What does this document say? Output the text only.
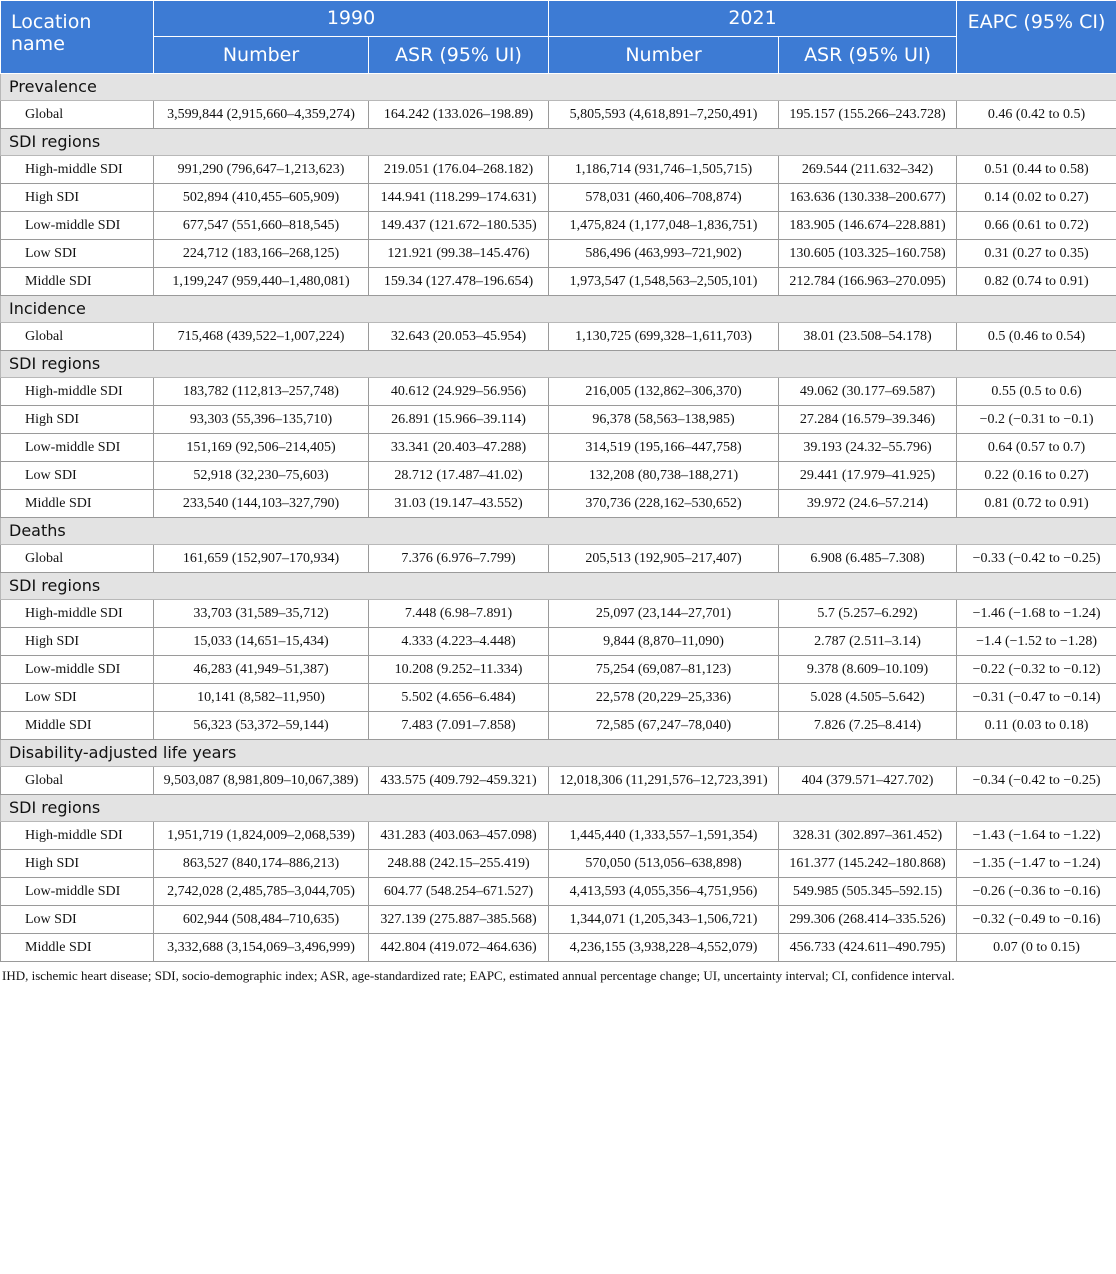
Location name	1990		2021		EAPC (95% CI)
	Number	ASR (95% UI)	Number	ASR (95% UI)	
Prevalence					
Global	3,599,844 (2,915,660–4,359,274)	164.242 (133.026–198.89)	5,805,593 (4,618,891–7,250,491)	195.157 (155.266–243.728)	0.46 (0.42 to 0.5)
SDI regions					
High-middle SDI	991,290 (796,647–1,213,623)	219.051 (176.04–268.182)	1,186,714 (931,746–1,505,715)	269.544 (211.632–342)	0.51 (0.44 to 0.58)
High SDI	502,894 (410,455–605,909)	144.941 (118.299–174.631)	578,031 (460,406–708,874)	163.636 (130.338–200.677)	0.14 (0.02 to 0.27)
Low-middle SDI	677,547 (551,660–818,545)	149.437 (121.672–180.535)	1,475,824 (1,177,048–1,836,751)	183.905 (146.674–228.881)	0.66 (0.61 to 0.72)
Low SDI	224,712 (183,166–268,125)	121.921 (99.38–145.476)	586,496 (463,993–721,902)	130.605 (103.325–160.758)	0.31 (0.27 to 0.35)
Middle SDI	1,199,247 (959,440–1,480,081)	159.34 (127.478–196.654)	1,973,547 (1,548,563–2,505,101)	212.784 (166.963–270.095)	0.82 (0.74 to 0.91)
Incidence					
Global	715,468 (439,522–1,007,224)	32.643 (20.053–45.954)	1,130,725 (699,328–1,611,703)	38.01 (23.508–54.178)	0.5 (0.46 to 0.54)
SDI regions					
High-middle SDI	183,782 (112,813–257,748)	40.612 (24.929–56.956)	216,005 (132,862–306,370)	49.062 (30.177–69.587)	0.55 (0.5 to 0.6)
High SDI	93,303 (55,396–135,710)	26.891 (15.966–39.114)	96,378 (58,563–138,985)	27.284 (16.579–39.346)	−0.2 (−0.31 to −0.1)
Low-middle SDI	151,169 (92,506–214,405)	33.341 (20.403–47.288)	314,519 (195,166–447,758)	39.193 (24.32–55.796)	0.64 (0.57 to 0.7)
Low SDI	52,918 (32,230–75,603)	28.712 (17.487–41.02)	132,208 (80,738–188,271)	29.441 (17.979–41.925)	0.22 (0.16 to 0.27)
Middle SDI	233,540 (144,103–327,790)	31.03 (19.147–43.552)	370,736 (228,162–530,652)	39.972 (24.6–57.214)	0.81 (0.72 to 0.91)
Deaths					
Global	161,659 (152,907–170,934)	7.376 (6.976–7.799)	205,513 (192,905–217,407)	6.908 (6.485–7.308)	−0.33 (−0.42 to −0.25)
SDI regions					
High-middle SDI	33,703 (31,589–35,712)	7.448 (6.98–7.891)	25,097 (23,144–27,701)	5.7 (5.257–6.292)	−1.46 (−1.68 to −1.24)
High SDI	15,033 (14,651–15,434)	4.333 (4.223–4.448)	9,844 (8,870–11,090)	2.787 (2.511–3.14)	−1.4 (−1.52 to −1.28)
Low-middle SDI	46,283 (41,949–51,387)	10.208 (9.252–11.334)	75,254 (69,087–81,123)	9.378 (8.609–10.109)	−0.22 (−0.32 to −0.12)
Low SDI	10,141 (8,582–11,950)	5.502 (4.656–6.484)	22,578 (20,229–25,336)	5.028 (4.505–5.642)	−0.31 (−0.47 to −0.14)
Middle SDI	56,323 (53,372–59,144)	7.483 (7.091–7.858)	72,585 (67,247–78,040)	7.826 (7.25–8.414)	0.11 (0.03 to 0.18)
Disability-adjusted life years					
Global	9,503,087 (8,981,809–10,067,389)	433.575 (409.792–459.321)	12,018,306 (11,291,576–12,723,391)	404 (379.571–427.702)	−0.34 (−0.42 to −0.25)
SDI regions					
High-middle SDI	1,951,719 (1,824,009–2,068,539)	431.283 (403.063–457.098)	1,445,440 (1,333,557–1,591,354)	328.31 (302.897–361.452)	−1.43 (−1.64 to −1.22)
High SDI	863,527 (840,174–886,213)	248.88 (242.15–255.419)	570,050 (513,056–638,898)	161.377 (145.242–180.868)	−1.35 (−1.47 to −1.24)
Low-middle SDI	2,742,028 (2,485,785–3,044,705)	604.77 (548.254–671.527)	4,413,593 (4,055,356–4,751,956)	549.985 (505.345–592.15)	−0.26 (−0.36 to −0.16)
Low SDI	602,944 (508,484–710,635)	327.139 (275.887–385.568)	1,344,071 (1,205,343–1,506,721)	299.306 (268.414–335.526)	−0.32 (−0.49 to −0.16)
Middle SDI	3,332,688 (3,154,069–3,496,999)	442.804 (419.072–464.636)	4,236,155 (3,938,228–4,552,079)	456.733 (424.611–490.795)	0.07 (0 to 0.15)
IHD, ischemic heart disease; SDI, socio-demographic index; ASR, age-standardized rate; EAPC, estimated annual percentage change; UI, uncertainty interval; CI, confidence interval.
